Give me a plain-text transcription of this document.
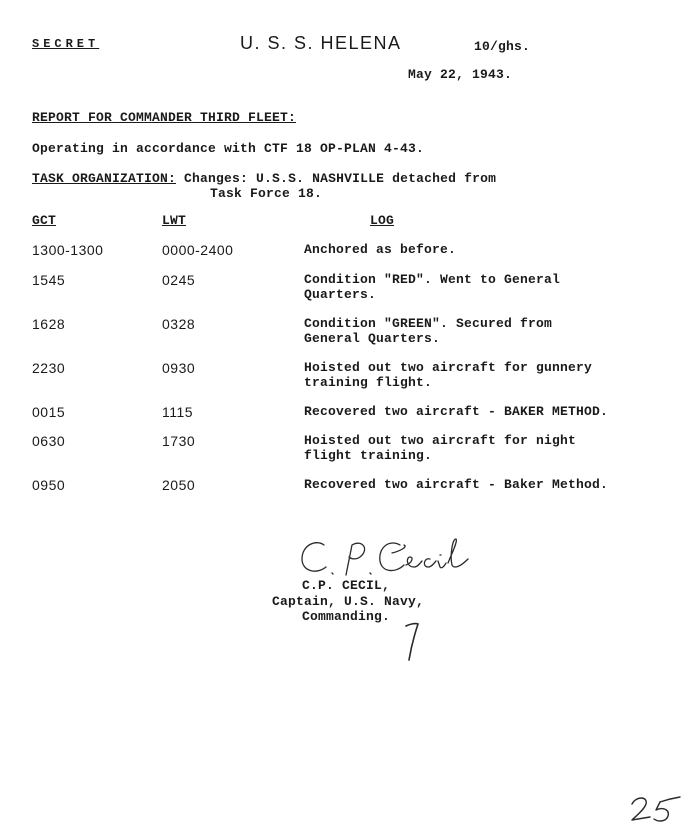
SECRET	U. S. S. HELENA	10/ghs.
May 22, 1943.
REPORT FOR COMMANDER THIRD FLEET:
Operating in accordance with CTF 18 OP-PLAN 4-43.
TASK ORGANIZATION: Changes: U.S.S. NASHVILLE detached from
Task Force 18.
GCT	LWT	LOG
1300-1300	0000-2400	Anchored as before.
1545	0245	Condition "RED". Went to General
Quarters.
1628	0328	Condition "GREEN". Secured from
General Quarters.
2230	0930	Hoisted out two aircraft for gunnery
training flight.
0015	1115	Recovered two aircraft - BAKER METHOD.
0630	1730	Hoisted out two aircraft for night
flight training.
0950	2050	Recovered two aircraft - Baker Method.
C.P. CECIL,
Captain, U.S. Navy,
Commanding.
